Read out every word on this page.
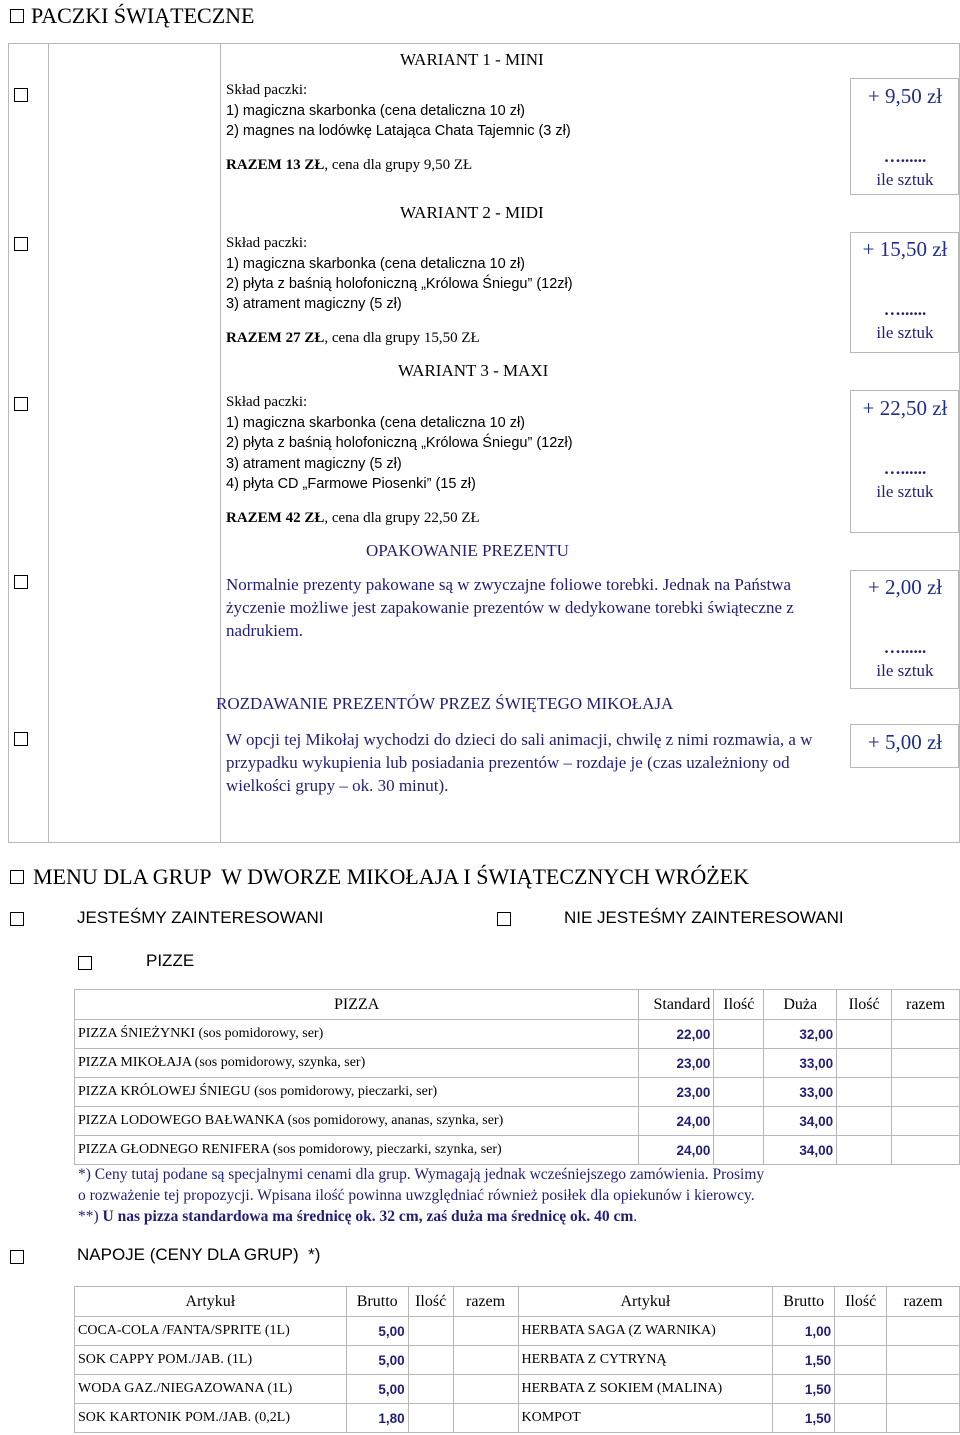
PACZKI ŚWIĄTECZNE
WARIANT 1 - MINI
Skład paczki:
1) magiczna skarbonka (cena detaliczna 10 zł)
2) magnes na lodówkę Latająca Chata Tajemnic (3 zł)
RAZEM 13 ZŁ, cena dla grupy 9,50 ZŁ
+ 9,50 zł
…......
ile sztuk
WARIANT 2 - MIDI
Skład paczki:
1) magiczna skarbonka (cena detaliczna 10 zł)
2) płyta z baśnią holofoniczną „Królowa Śniegu” (12zł)
3) atrament magiczny (5 zł)
RAZEM 27 ZŁ, cena dla grupy 15,50 ZŁ
+ 15,50 zł
…......
ile sztuk
WARIANT 3 - MAXI
Skład paczki:
1) magiczna skarbonka (cena detaliczna 10 zł)
2) płyta z baśnią holofoniczną „Królowa Śniegu” (12zł)
3) atrament magiczny (5 zł)
4) płyta CD „Farmowe Piosenki” (15 zł)
RAZEM 42 ZŁ, cena dla grupy 22,50 ZŁ
+ 22,50 zł
…......
ile sztuk
OPAKOWANIE PREZENTU
Normalnie prezenty pakowane są w zwyczajne foliowe torebki. Jednak na Państwa życzenie możliwe jest zapakowanie prezentów w dedykowane torebki świąteczne z nadrukiem.
+ 2,00 zł
…......
ile sztuk
ROZDAWANIE PREZENTÓW PRZEZ ŚWIĘTEGO MIKOŁAJA
W opcji tej Mikołaj wychodzi do dzieci do sali animacji, chwilę z nimi rozmawia, a w przypadku wykupienia lub posiadania prezentów – rozdaje je (czas uzależniony od wielkości grupy – ok. 30 minut).
+ 5,00 zł
MENU DLA GRUP  W DWORZE MIKOŁAJA I ŚWIĄTECZNYCH WRÓŻEK
JESTEŚMY ZAINTERESOWANI	NIE JESTEŚMY ZAINTERESOWANI
PIZZE
PIZZA	Standard	Ilość	Duża	Ilość	razem
PIZZA ŚNIEŻYNKI (sos pomidorowy, ser)	22,00		32,00		
PIZZA MIKOŁAJA (sos pomidorowy, szynka, ser)	23,00		33,00		
PIZZA KRÓLOWEJ ŚNIEGU (sos pomidorowy, pieczarki, ser)	23,00		33,00		
PIZZA LODOWEGO BAŁWANKA (sos pomidorowy, ananas, szynka, ser)	24,00		34,00		
PIZZA GŁODNEGO RENIFERA (sos pomidorowy, pieczarki, szynka, ser)	24,00		34,00		
*) Ceny tutaj podane są specjalnymi cenami dla grup. Wymagają jednak wcześniejszego zamówienia. Prosimy
o rozważenie tej propozycji. Wpisana ilość powinna uwzględniać również posiłek dla opiekunów i kierowcy.
**) U nas pizza standardowa ma średnicę ok. 32 cm, zaś duża ma średnicę ok. 40 cm.
NAPOJE (CENY DLA GRUP)  *)
Artykuł	Brutto	Ilość	razem	Artykuł	Brutto	Ilość	razem
COCA-COLA /FANTA/SPRITE (1L)	5,00			HERBATA SAGA (Z WARNIKA)	1,00		
SOK CAPPY POM./JAB. (1L)	5,00			HERBATA Z CYTRYNĄ	1,50		
WODA GAZ./NIEGAZOWANA (1L)	5,00			HERBATA Z SOKIEM (MALINA)	1,50		
SOK KARTONIK POM./JAB. (0,2L)	1,80			KOMPOT	1,50		
